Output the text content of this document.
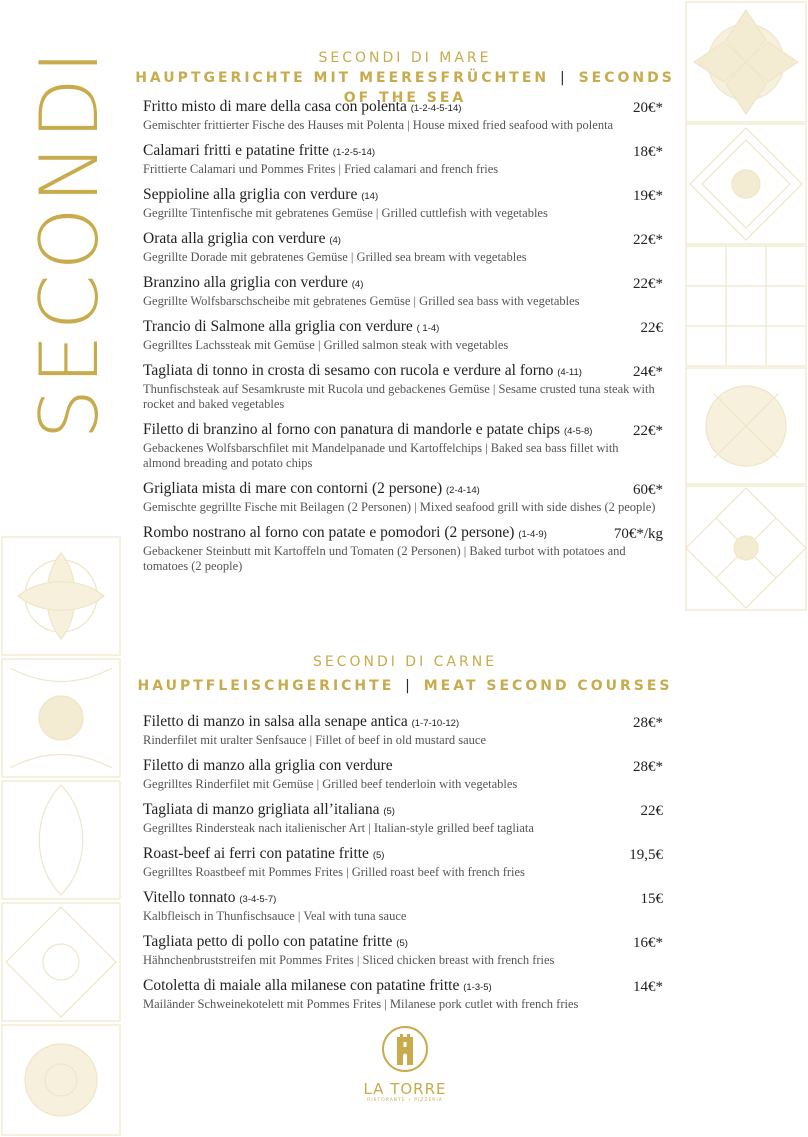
SECONDI	SECONDI DI MARE
HAUPTGERICHTE MIT MEERESFRÜCHTEN | SECONDS OF THE SEA
Fritto misto di mare della casa con polenta (1-2-4-5-14)	20€*
Gemischter frittierter Fische des Hauses mit Polenta | House mixed fried seafood with polenta
Calamari fritti e patatine fritte (1-2-5-14)	18€*
Frittierte Calamari und Pommes Frites | Fried calamari and french fries
Seppioline alla griglia con verdure (14)	19€*
Gegrillte Tintenfische mit gebratenes Gemüse | Grilled cuttlefish with vegetables
Orata alla griglia con verdure (4)	22€*
Gegrillte Dorade mit gebratenes Gemüse | Grilled sea bream with vegetables
Branzino alla griglia con verdure (4)	22€*
Gegrillte Wolfsbarschscheibe mit gebratenes Gemüse | Grilled sea bass with vegetables
Trancio di Salmone alla griglia con verdure ( 1-4)	22€
Gegrilltes Lachssteak mit Gemüse | Grilled salmon steak with vegetables
Tagliata di tonno in crosta di sesamo con rucola e verdure al forno (4-11)	24€*
Thunfischsteak auf Sesamkruste mit Rucola und gebackenes Gemüse | Sesame crusted tuna steak with rocket and baked vegetables
Filetto di branzino al forno con panatura di mandorle e patate chips (4-5-8)	22€*
Gebackenes Wolfsbarschfilet mit Mandelpanade und Kartoffelchips | Baked sea bass fillet with almond breading and potato chips
Grigliata mista di mare con contorni (2 persone) (2-4-14)	60€*
Gemischte gegrillte Fische mit Beilagen (2 Personen) | Mixed seafood grill with side dishes (2 people)
Rombo nostrano al forno con patate e pomodori (2 persone) (1-4-9)	70€*/kg
Gebackener Steinbutt mit Kartoffeln und Tomaten (2 Personen) | Baked turbot with potatoes and tomatoes (2 people)
SECONDI DI CARNE
HAUPTFLEISCHGERICHTE | MEAT SECOND COURSES
Filetto di manzo in salsa alla senape antica (1-7-10-12)	28€*
Rinderfilet mit uralter Senfsauce | Fillet of beef in old mustard sauce
Filetto di manzo alla griglia con verdure	28€*
Gegrilltes Rinderfilet mit Gemüse | Grilled beef tenderloin with vegetables
Tagliata di manzo grigliata all’italiana (5)	22€
Gegrilltes Rindersteak nach italienischer Art | Italian-style grilled beef tagliata
Roast-beef ai ferri con patatine fritte (5)	19,5€
Gegrilltes Roastbeef mit Pommes Frites | Grilled roast beef with french fries
Vitello tonnato (3-4-5-7)	15€
Kalbfleisch in Thunfischsauce | Veal with tuna sauce
Tagliata petto di pollo con patatine fritte (5)	16€*
Hähnchenbruststreifen mit Pommes Frites | Sliced chicken breast with french fries
Cotoletta di maiale alla milanese con patatine fritte (1-3-5)	14€*
Mailänder Schweinekotelett mit Pommes Frites | Milanese pork cutlet with french fries
LA TORRE
RISTORANTE • PIZZERIA
